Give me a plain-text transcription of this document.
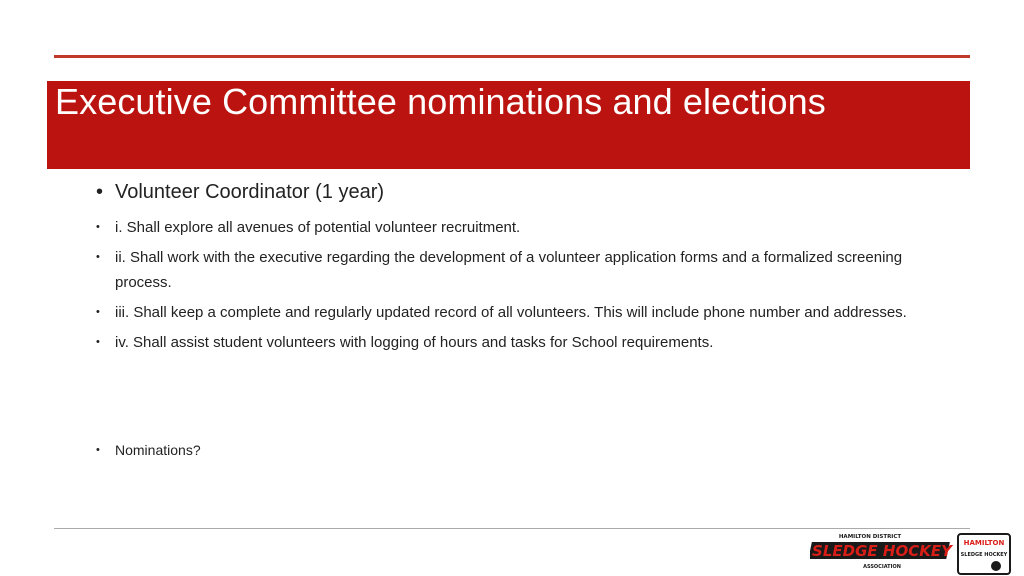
Executive Committee nominations and elections
• Volunteer Coordinator (1 year)
• i. Shall explore all avenues of potential volunteer recruitment.
• ii. Shall work with the executive regarding the development of a volunteer application forms and a formalized screening process.
• iii. Shall keep a complete and regularly updated record of all volunteers. This will include phone number and addresses.
• iv. Shall assist student volunteers with logging of hours and tasks for School requirements.
• Nominations?
HAMILTON DISTRICT
SLEDGE HOCKEY
ASSOCIATION
HAMILTON
SLEDGE HOCKEY
